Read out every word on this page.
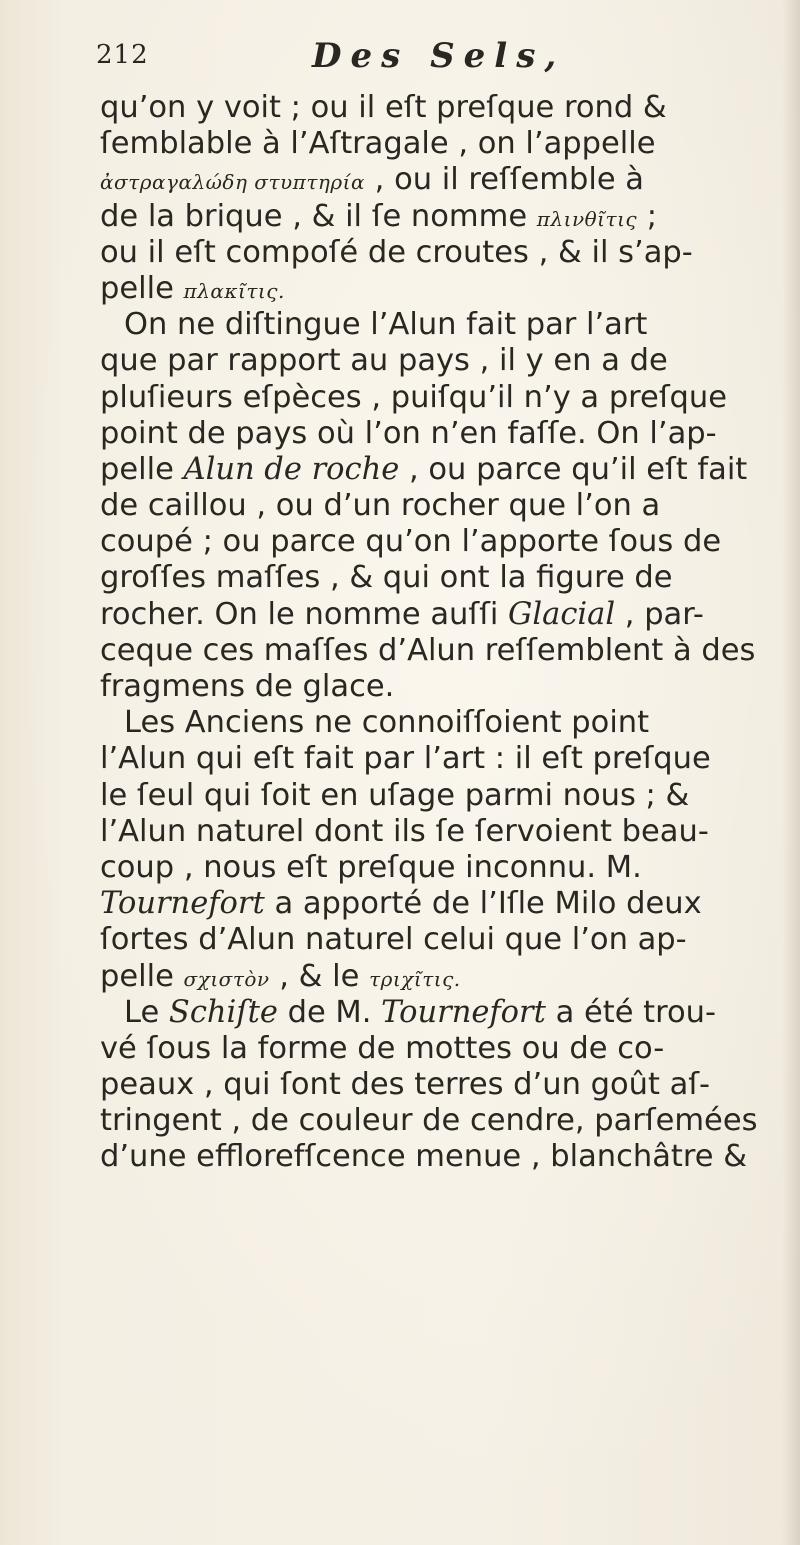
212	Des Sels,
qu’on y voit ; ou il eſt preſque rond &
ſemblable à l’Aſtragale , on l’appelle
ἀστραγαλώδη στυπτηρία , ou il reſſemble à
de la brique , & il ſe nomme πλινθῖτις ;
ou il eſt compoſé de croutes , & il s’ap-
pelle πλακῖτις.
On ne diſtingue l’Alun fait par l’art
que par rapport au pays , il y en a de
pluſieurs eſpèces , puiſqu’il n’y a preſque
point de pays où l’on n’en faſſe. On l’ap-
pelle Alun de roche , ou parce qu’il eſt fait
de caillou , ou d’un rocher que l’on a
coupé ; ou parce qu’on l’apporte ſous de
groſſes maſſes , & qui ont la figure de
rocher. On le nomme auſſi Glacial , par-
ceque ces maſſes d’Alun reſſemblent à des
fragmens de glace.
Les Anciens ne connoiſſoient point
l’Alun qui eſt fait par l’art : il eſt preſque
le ſeul qui ſoit en uſage parmi nous ; &
l’Alun naturel dont ils ſe ſervoient beau-
coup , nous eſt preſque inconnu. M.
Tournefort a apporté de l’Iſle Milo deux
ſortes d’Alun naturel celui que l’on ap-
pelle σχιστὸν , & le τριχῖτις.
Le Schiſte de M. Tournefort a été trou-
vé ſous la forme de mottes ou de co-
peaux , qui ſont des terres d’un goût aſ-
tringent , de couleur de cendre, parſemées
d’une efflorefſcence menue , blanchâtre &
